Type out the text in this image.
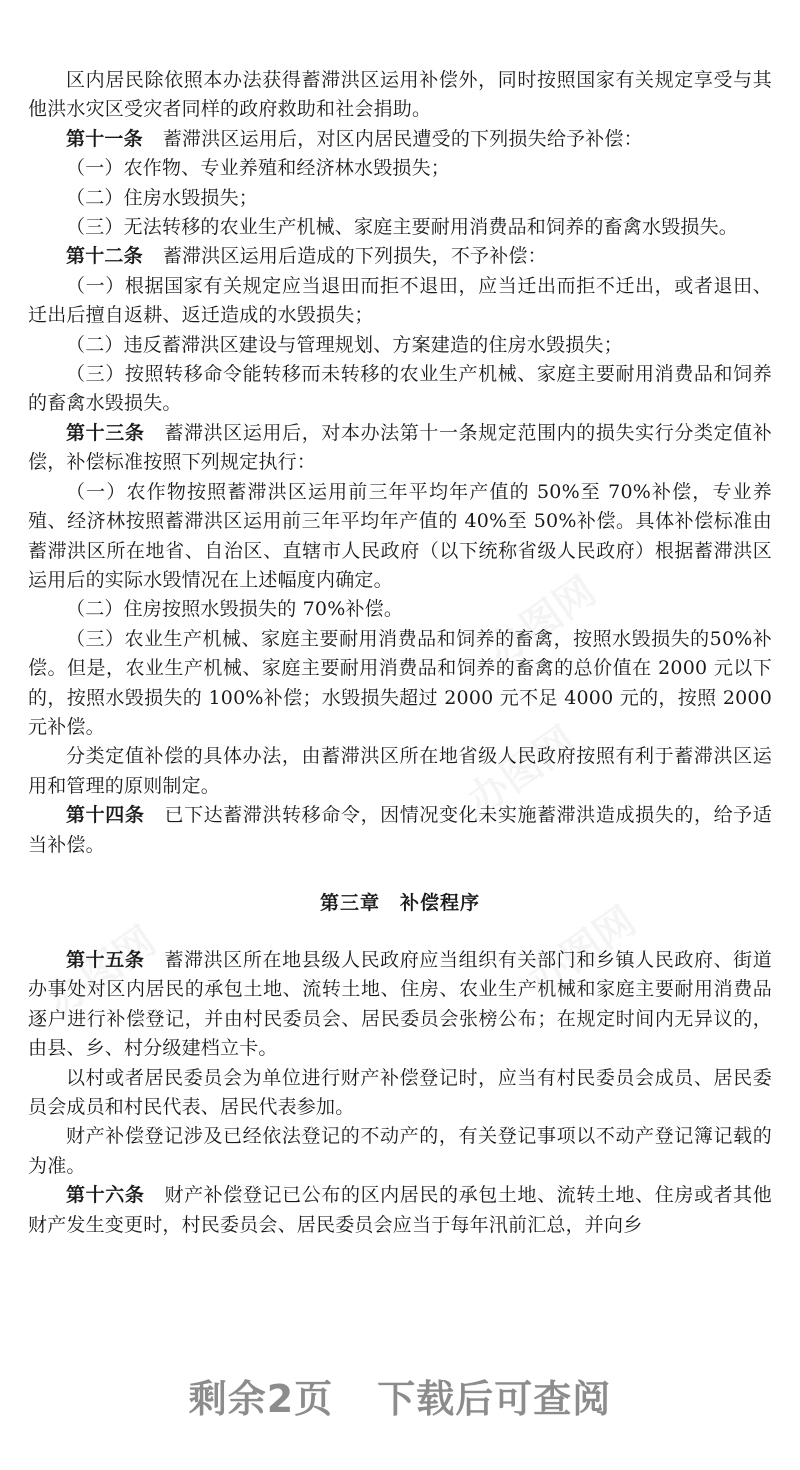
区内居民除依照本办法获得蓄滞洪区运用补偿外，同时按照国家有关规定享受与其他洪水灾区受灾者同样的政府救助和社会捐助。

第十一条 蓄滞洪区运用后，对区内居民遭受的下列损失给予补偿：

（一）农作物、专业养殖和经济林水毁损失；

（二）住房水毁损失；

（三）无法转移的农业生产机械、家庭主要耐用消费品和饲养的畜禽水毁损失。

第十二条 蓄滞洪区运用后造成的下列损失，不予补偿：

（一）根据国家有关规定应当退田而拒不退田，应当迁出而拒不迁出，或者退田、迁出后擅自返耕、返迁造成的水毁损失；

（二）违反蓄滞洪区建设与管理规划、方案建造的住房水毁损失；

（三）按照转移命令能转移而未转移的农业生产机械、家庭主要耐用消费品和饲养的畜禽水毁损失。

第十三条 蓄滞洪区运用后，对本办法第十一条规定范围内的损失实行分类定值补偿，补偿标准按照下列规定执行：

（一）农作物按照蓄滞洪区运用前三年平均年产值的 50%至 70%补偿，专业养殖、经济林按照蓄滞洪区运用前三年平均年产值的 40%至 50%补偿。具体补偿标准由蓄滞洪区所在地省、自治区、直辖市人民政府（以下统称省级人民政府）根据蓄滞洪区运用后的实际水毁情况在上述幅度内确定。

（二）住房按照水毁损失的 70%补偿。

（三）农业生产机械、家庭主要耐用消费品和饲养的畜禽，按照水毁损失的50%补偿。但是，农业生产机械、家庭主要耐用消费品和饲养的畜禽的总价值在 2000 元以下的，按照水毁损失的 100%补偿；水毁损失超过 2000 元不足 4000 元的，按照 2000 元补偿。

分类定值补偿的具体办法，由蓄滞洪区所在地省级人民政府按照有利于蓄滞洪区运用和管理的原则制定。

第十四条 已下达蓄滞洪转移命令，因情况变化未实施蓄滞洪造成损失的，给予适当补偿。

第三章 补偿程序

第十五条 蓄滞洪区所在地县级人民政府应当组织有关部门和乡镇人民政府、街道办事处对区内居民的承包土地、流转土地、住房、农业生产机械和家庭主要耐用消费品逐户进行补偿登记，并由村民委员会、居民委员会张榜公布；在规定时间内无异议的，由县、乡、村分级建档立卡。

以村或者居民委员会为单位进行财产补偿登记时，应当有村民委员会成员、居民委员会成员和村民代表、居民代表参加。

财产补偿登记涉及已经依法登记的不动产的，有关登记事项以不动产登记簿记载的为准。

第十六条 财产补偿登记已公布的区内居民的承包土地、流转土地、住房或者其他财产发生变更时，村民委员会、居民委员会应当于每年汛前汇总，并向乡

剩余2页 下载后可查阅
